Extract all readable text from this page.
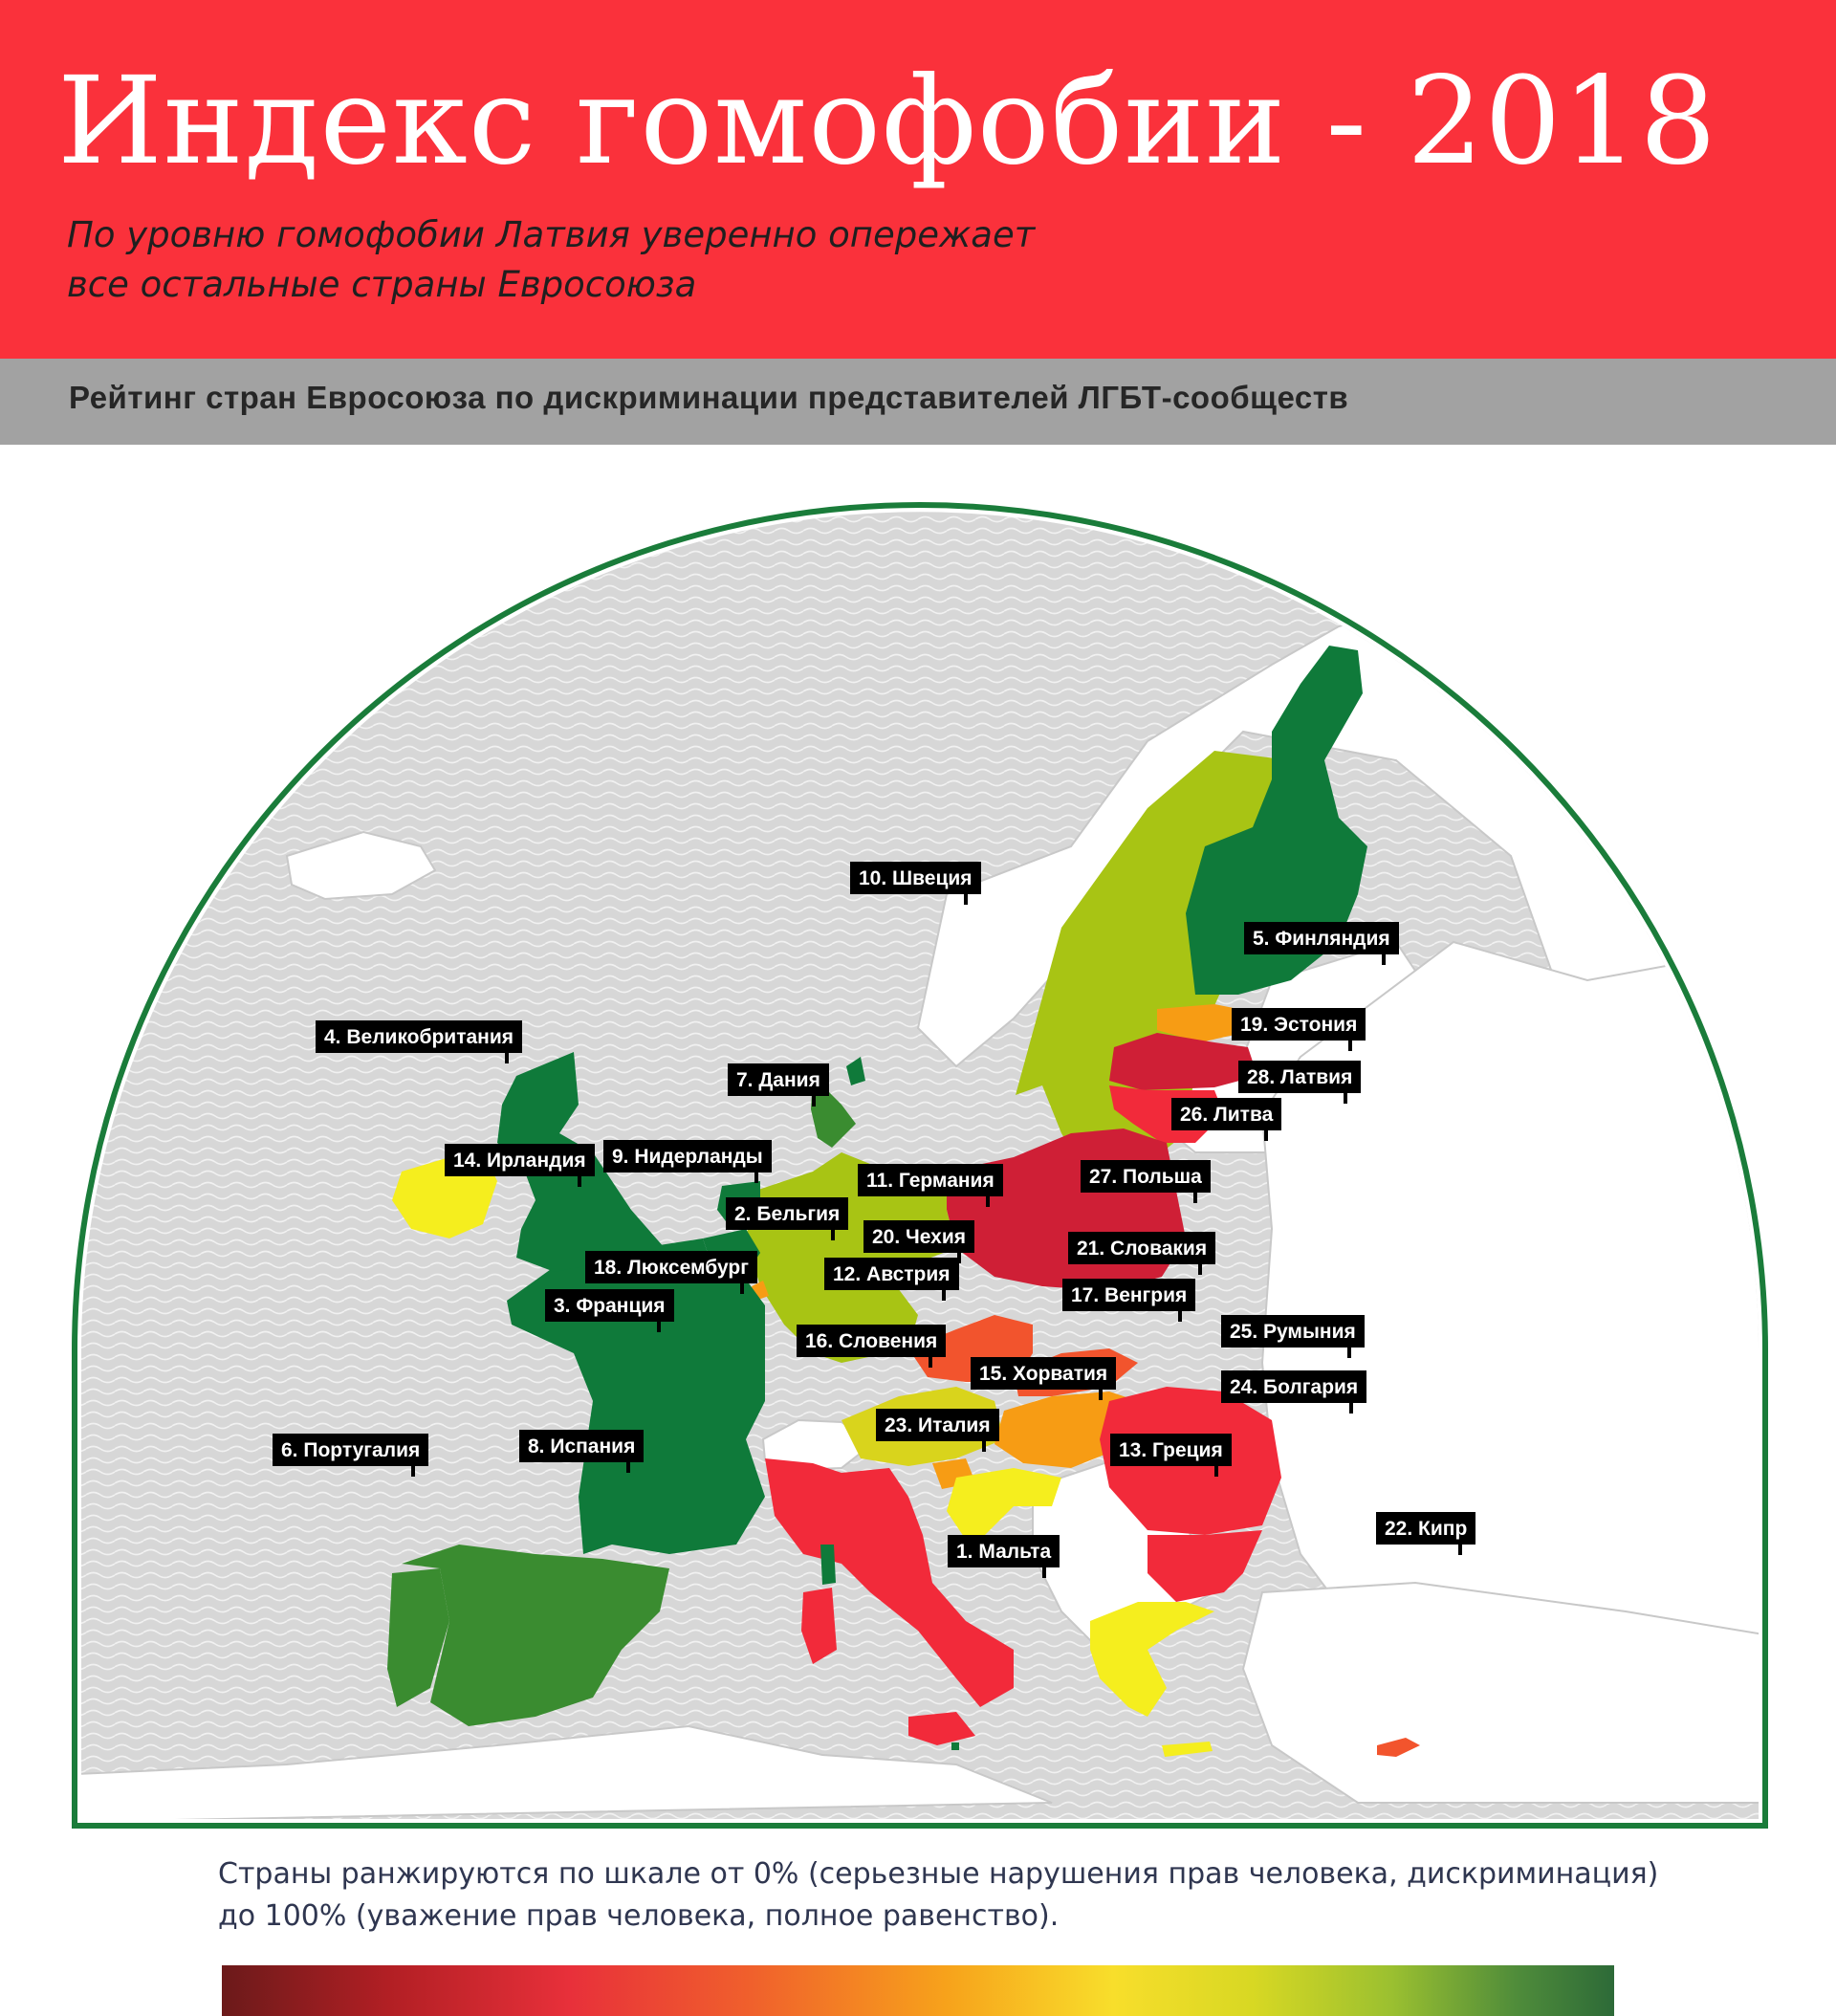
Индекс гомофобии - 2018
По уровню гомофобии Латвия уверенно опережает
все остальные страны Евросоюза
Рейтинг стран Евросоюза по дискриминации представителей ЛГБТ-сообществ
10. Швеция
5. Финляндия
4. Великобритания
19. Эстония
7. Дания	28. Латвия
26. Литва
14. Ирландия	9. Нидерланды
11. Германия	27. Польша
2. Бельгия
20. Чехия
21. Словакия
18. Люксембург	12. Австрия
17. Венгрия
3. Франция
25. Румыния
16. Словения
15. Хорватия
24. Болгария
23. Италия
8. Испания
6. Португалия	13. Греция
22. Кипр
1. Мальта
Страны ранжируются по шкале от 0% (серьезные нарушения прав человека, дискриминация)
до 100% (уважение прав человека, полное равенство).
